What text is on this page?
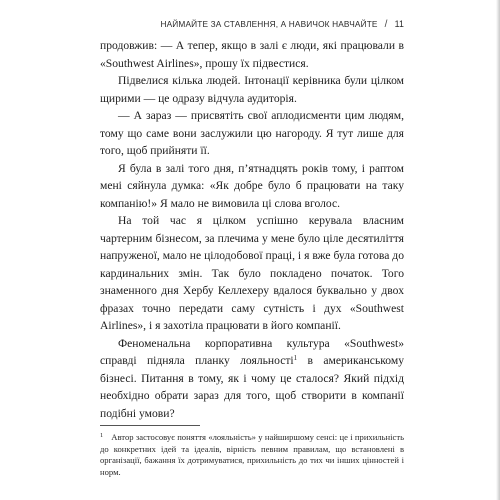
НАЙМАЙТЕ ЗА СТАВЛЕННЯ, А НАВИЧОК НАВЧАЙТЕ / 11

продовжив: — А тепер, якщо в залі є люди, які працювали в «Southwest Airlines», прошу їх підвестися.

Підвелися кілька людей. Інтонації керівника були цілком щирими — це одразу відчула аудиторія.

— А зараз — присвятіть свої аплодисменти цим людям, тому що саме вони заслужили цю нагороду. Я тут лише для того, щоб прийняти її.

Я була в залі того дня, п’ятнадцять років тому, і раптом мені сяйнула думка: «Як добре було б працювати на таку компанію!» Я мало не вимовила ці слова вголос.

На той час я цілком успішно керувала власним чартерним бізнесом, за плечима у мене було ціле десятиліття напруженої, мало не цілодобової праці, і я вже була готова до кардинальних змін. Так було покладено початок. Того знаменного дня Хербу Келлехеру вдалося буквально у двох фразах точно передати саму сутність і дух «Southwest Airlines», і я захотіла працювати в його компанії.

Феноменальна корпоративна культура «Southwest» справді підняла планку лояльності$^1$ в американському бізнесі. Питання в тому, як і чому це сталося? Який підхід необхідно обрати зараз для того, щоб створити в компанії подібні умови?

$^1$ Автор застосовує поняття «лояльність» у найширшому сенсі: це і прихильність до конкретних ідей та ідеалів, вірність певним правилам, що встановлені в організації, бажання їх дотримуватися, прихильність до тих чи інших цінностей і норм.
